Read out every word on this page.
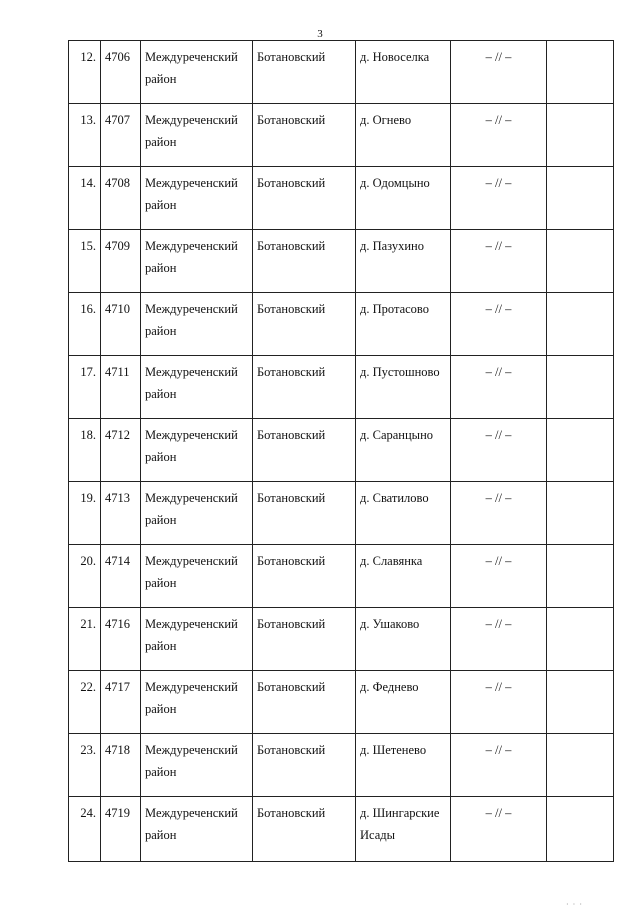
3
12.	4706	Междуреченский район	Ботановский	д. Новоселка	– // –	
13.	4707	Междуреченский район	Ботановский	д. Огнево	– // –	
14.	4708	Междуреченский район	Ботановский	д. Одомцыно	– // –	
15.	4709	Междуреченский район	Ботановский	д. Пазухино	– // –	
16.	4710	Междуреченский район	Ботановский	д. Протасово	– // –	
17.	4711	Междуреченский район	Ботановский	д. Пустошново	– // –	
18.	4712	Междуреченский район	Ботановский	д. Саранцыно	– // –	
19.	4713	Междуреченский район	Ботановский	д. Сватилово	– // –	
20.	4714	Междуреченский район	Ботановский	д. Славянка	– // –	
21.	4716	Междуреченский район	Ботановский	д. Ушаково	– // –	
22.	4717	Междуреченский район	Ботановский	д. Феднево	– // –	
23.	4718	Междуреченский район	Ботановский	д. Шетенево	– // –	
24.	4719	Междуреченский район	Ботановский	д. Шингарские Исады	– // –	
· · ·
